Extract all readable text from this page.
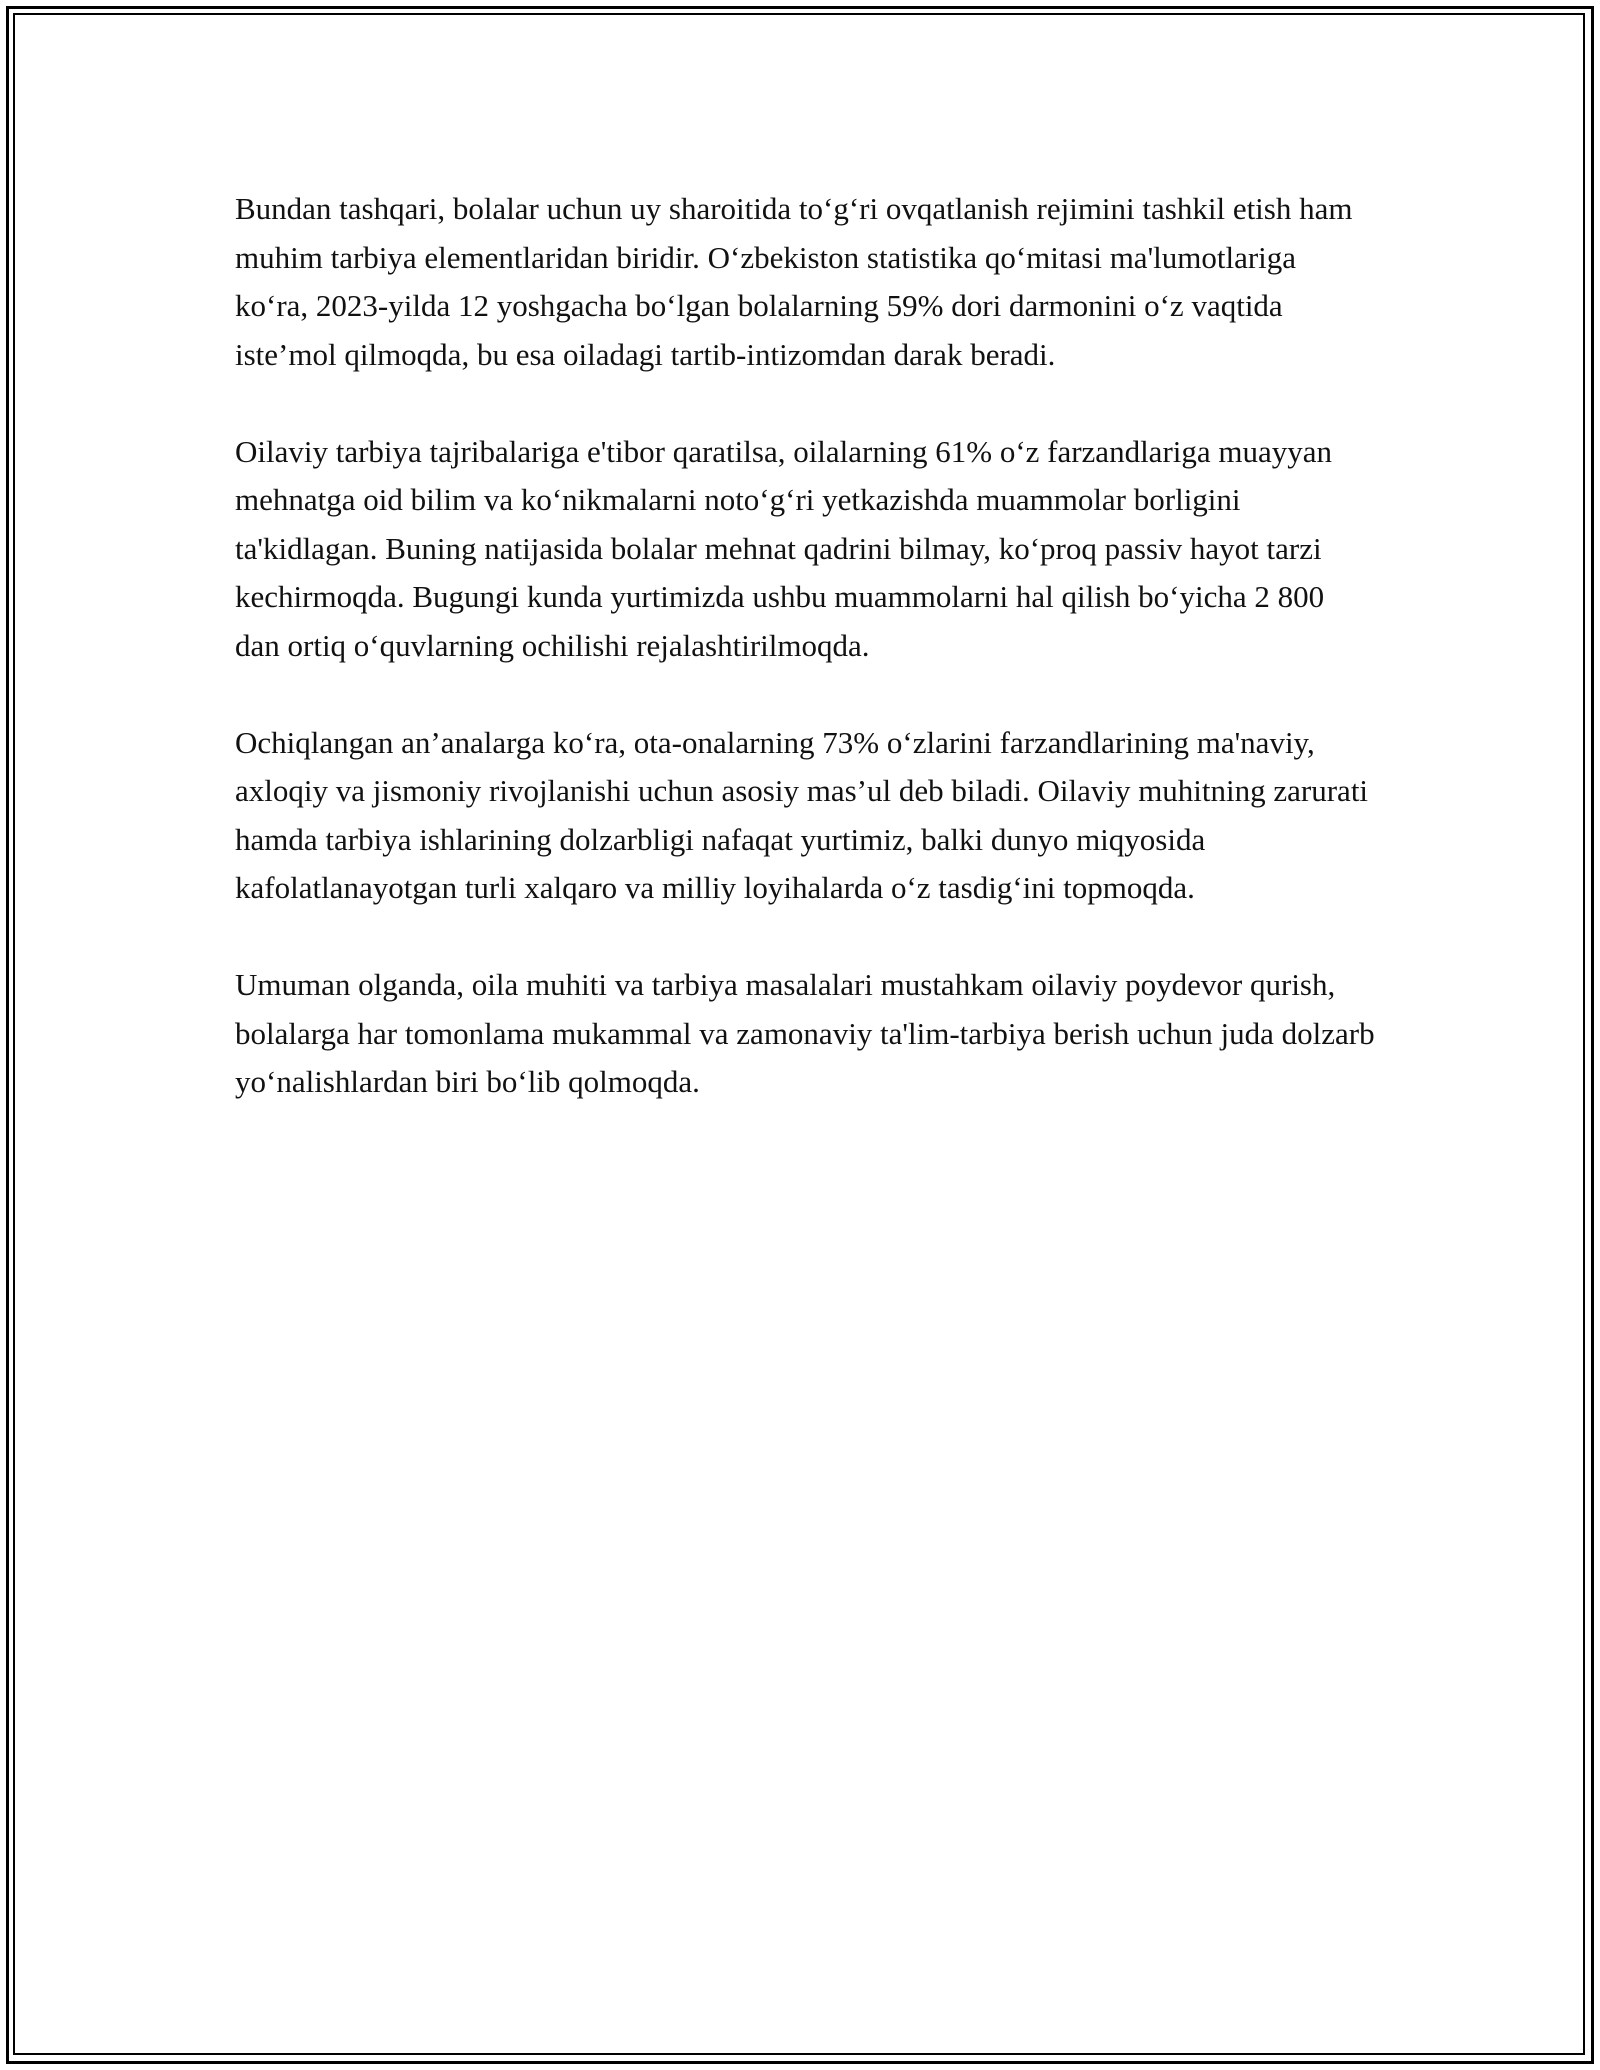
Bundan tashqari, bolalar uchun uy sharoitida to‘g‘ri ovqatlanish rejimini tashkil etish ham muhim tarbiya elementlaridan biridir. O‘zbekiston statistika qo‘mitasi ma'lumotlariga ko‘ra, 2023-yilda 12 yoshgacha bo‘lgan bolalarning 59% dori darmonini o‘z vaqtida iste’mol qilmoqda, bu esa oiladagi tartib-intizomdan darak beradi.

Oilaviy tarbiya tajribalariga e'tibor qaratilsa, oilalarning 61% o‘z farzandlariga muayyan mehnatga oid bilim va ko‘nikmalarni noto‘g‘ri yetkazishda muammolar borligini ta'kidlagan. Buning natijasida bolalar mehnat qadrini bilmay, ko‘proq passiv hayot tarzi kechirmoqda. Bugungi kunda yurtimizda ushbu muammolarni hal qilish bo‘yicha 2 800 dan ortiq o‘quvlarning ochilishi rejalashtirilmoqda.

Ochiqlangan an’analarga ko‘ra, ota-onalarning 73% o‘zlarini farzandlarining ma'naviy, axloqiy va jismoniy rivojlanishi uchun asosiy mas’ul deb biladi. Oilaviy muhitning zarurati hamda tarbiya ishlarining dolzarbligi nafaqat yurtimiz, balki dunyo miqyosida kafolatlanayotgan turli xalqaro va milliy loyihalarda o‘z tasdig‘ini topmoqda.

Umuman olganda, oila muhiti va tarbiya masalalari mustahkam oilaviy poydevor qurish, bolalarga har tomonlama mukammal va zamonaviy ta'lim-tarbiya berish uchun juda dolzarb yo‘nalishlardan biri bo‘lib qolmoqda.
